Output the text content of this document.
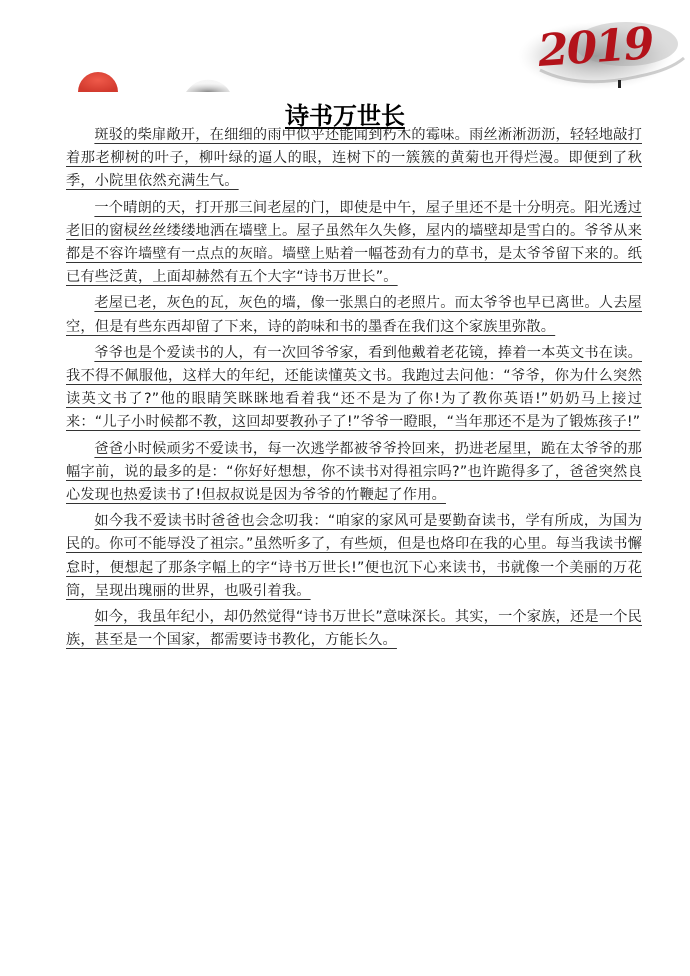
2019
诗书万世长

斑驳的柴扉敞开，在细细的雨中似乎还能闻到朽木的霉味。雨丝淅淅沥沥，轻轻地敲打着那老柳树的叶子，柳叶绿的逼人的眼，连树下的一簇簇的黄菊也开得烂漫。即便到了秋季，小院里依然充满生气。

一个晴朗的天，打开那三间老屋的门，即使是中午，屋子里还不是十分明亮。阳光透过老旧的窗棂丝丝缕缕地洒在墙壁上。屋子虽然年久失修，屋内的墙壁却是雪白的。爷爷从来都是不容许墙壁有一点点的灰暗。墙壁上贴着一幅苍劲有力的草书，是太爷爷留下来的。纸已有些泛黄，上面却赫然有五个大字“诗书万世长”。

老屋已老，灰色的瓦，灰色的墙，像一张黑白的老照片。而太爷爷也早已离世。人去屋空，但是有些东西却留了下来，诗的韵味和书的墨香在我们这个家族里弥散。

爷爷也是个爱读书的人，有一次回爷爷家，看到他戴着老花镜，捧着一本英文书在读。我不得不佩服他，这样大的年纪，还能读懂英文书。我跑过去问他：“爷爷，你为什么突然读英文书了?”他的眼睛笑眯眯地看着我“还不是为了你!为了教你英语!”奶奶马上接过来：“儿子小时候都不教，这回却要教孙子了!”爷爷一瞪眼，“当年那还不是为了锻炼孩子!”

爸爸小时候顽劣不爱读书，每一次逃学都被爷爷拎回来，扔进老屋里，跪在太爷爷的那幅字前，说的最多的是：“你好好想想，你不读书对得祖宗吗?”也许跪得多了，爸爸突然良心发现也热爱读书了!但叔叔说是因为爷爷的竹鞭起了作用。

如今我不爱读书时爸爸也会念叨我：“咱家的家风可是要勤奋读书，学有所成，为国为民的。你可不能辱没了祖宗。”虽然听多了，有些烦，但是也烙印在我的心里。每当我读书懈怠时，便想起了那条字幅上的字“诗书万世长!”便也沉下心来读书，书就像一个美丽的万花筒，呈现出瑰丽的世界，也吸引着我。

如今，我虽年纪小，却仍然觉得“诗书万世长”意味深长。其实，一个家族，还是一个民族，甚至是一个国家，都需要诗书教化，方能长久。
